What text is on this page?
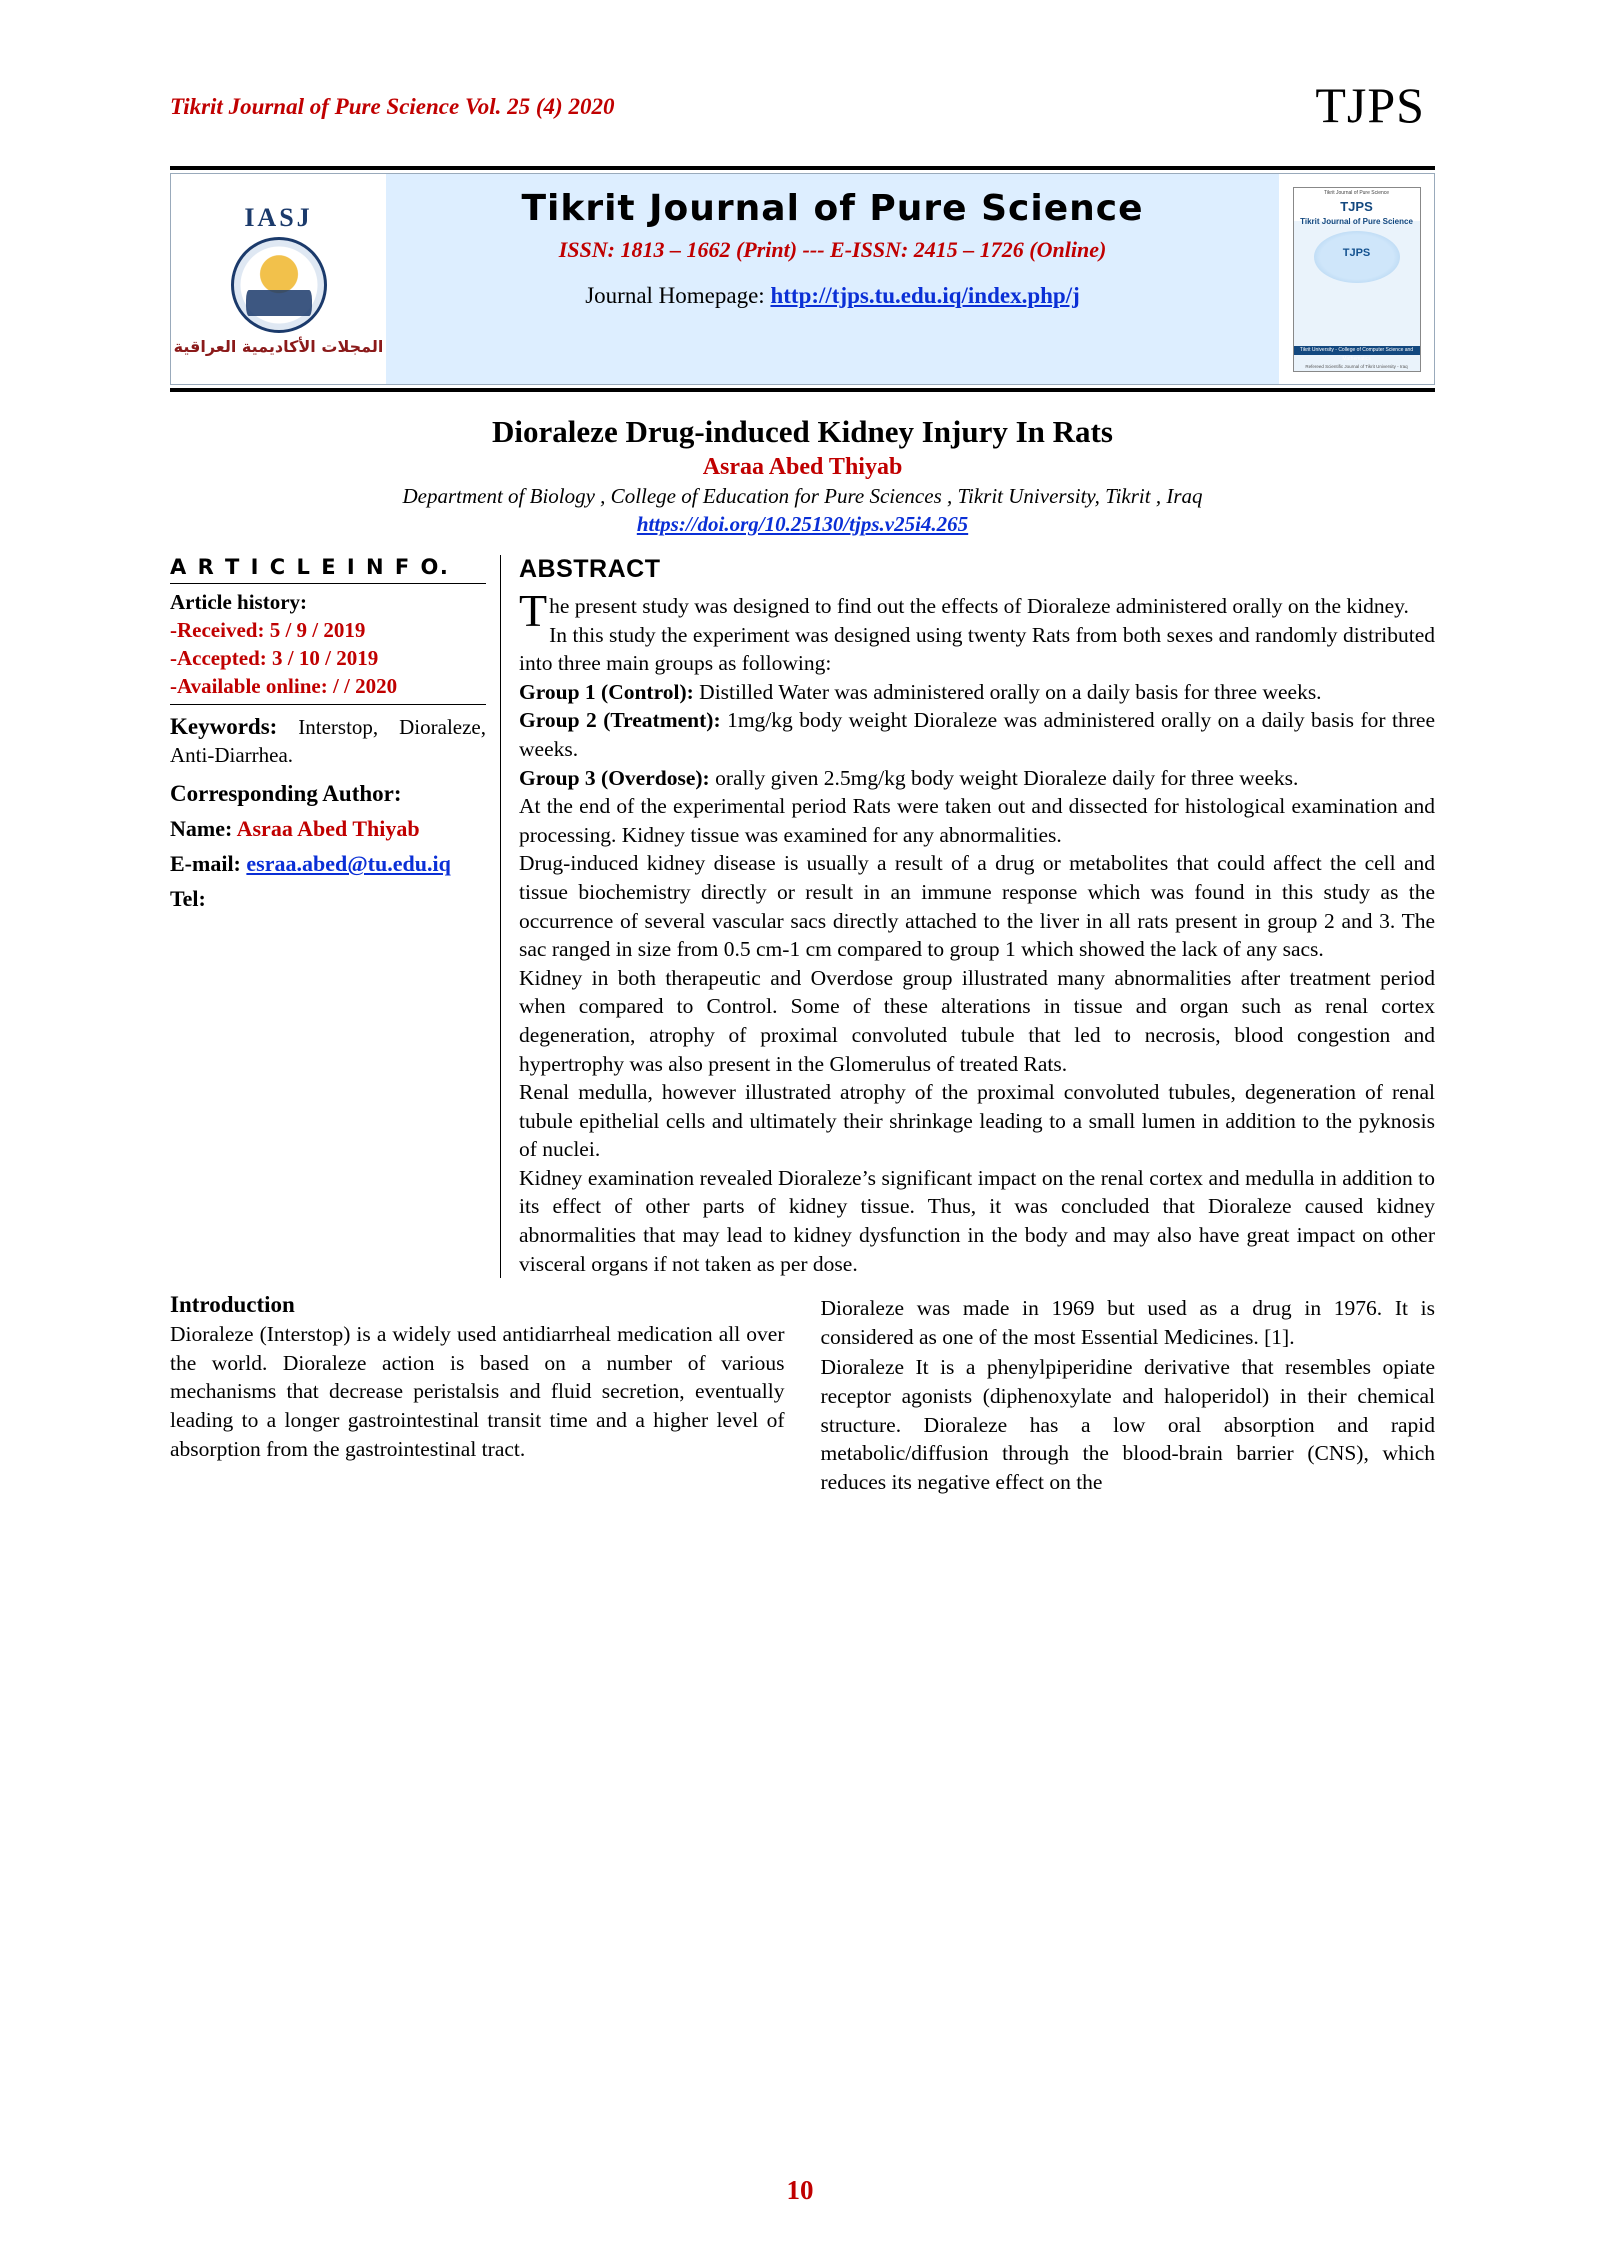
Tikrit Journal of Pure Science Vol. 25 (4) 2020	TJPS
IASJ
المجلات الأكاديمية العراقية
Tikrit Journal of Pure Science
ISSN: 1813 – 1662 (Print) --- E-ISSN: 2415 – 1726 (Online)
Journal Homepage: http://tjps.tu.edu.iq/index.php/j
Tikrit Journal of Pure Science
TJPS
Tikrit Journal of Pure Science
TJPS
Tikrit University - College of Computer Science and Mathematics
Refereed Scientific Journal of Tikrit University - Iraq
Dioraleze Drug-induced Kidney Injury In Rats
Asraa Abed Thiyab
Department of Biology , College of Education for Pure Sciences , Tikrit University, Tikrit , Iraq
https://doi.org/10.25130/tjps.v25i4.265
A R T I C L E I N F O.
Article history:
-Received: 5 / 9 / 2019
-Accepted: 3 / 10 / 2019
-Available online: / / 2020
Keywords: Interstop, Dioraleze, Anti-Diarrhea.
Corresponding Author:
Name: Asraa Abed Thiyab
E-mail: esraa.abed@tu.edu.iq
Tel:
ABSTRACT
The present study was designed to find out the effects of Dioraleze administered orally on the kidney.
In this study the experiment was designed using twenty Rats from both sexes and randomly distributed into three main groups as following:
Group 1 (Control): Distilled Water was administered orally on a daily basis for three weeks.
Group 2 (Treatment): 1mg/kg body weight Dioraleze was administered orally on a daily basis for three weeks.
Group 3 (Overdose): orally given 2.5mg/kg body weight Dioraleze daily for three weeks.
At the end of the experimental period Rats were taken out and dissected for histological examination and processing. Kidney tissue was examined for any abnormalities.
Drug-induced kidney disease is usually a result of a drug or metabolites that could affect the cell and tissue biochemistry directly or result in an immune response which was found in this study as the occurrence of several vascular sacs directly attached to the liver in all rats present in group 2 and 3. The sac ranged in size from 0.5 cm-1 cm compared to group 1 which showed the lack of any sacs.
Kidney in both therapeutic and Overdose group illustrated many abnormalities after treatment period when compared to Control. Some of these alterations in tissue and organ such as renal cortex degeneration, atrophy of proximal convoluted tubule that led to necrosis, blood congestion and hypertrophy was also present in the Glomerulus of treated Rats.
Renal medulla, however illustrated atrophy of the proximal convoluted tubules, degeneration of renal tubule epithelial cells and ultimately their shrinkage leading to a small lumen in addition to the pyknosis of nuclei.
Kidney examination revealed Dioraleze’s significant impact on the renal cortex and medulla in addition to its effect of other parts of kidney tissue. Thus, it was concluded that Dioraleze caused kidney abnormalities that may lead to kidney dysfunction in the body and may also have great impact on other visceral organs if not taken as per dose.
Introduction
Dioraleze (Interstop) is a widely used antidiarrheal medication all over the world. Dioraleze action is based on a number of various mechanisms that decrease peristalsis and fluid secretion, eventually leading to a longer gastrointestinal transit time and a higher level of absorption from the gastrointestinal tract.
Dioraleze was made in 1969 but used as a drug in 1976. It is considered as one of the most Essential Medicines. [1].
Dioraleze It is a phenylpiperidine derivative that resembles opiate receptor agonists (diphenoxylate and haloperidol) in their chemical structure. Dioraleze has a low oral absorption and rapid metabolic/diffusion through the blood-brain barrier (CNS), which reduces its negative effect on the
10
